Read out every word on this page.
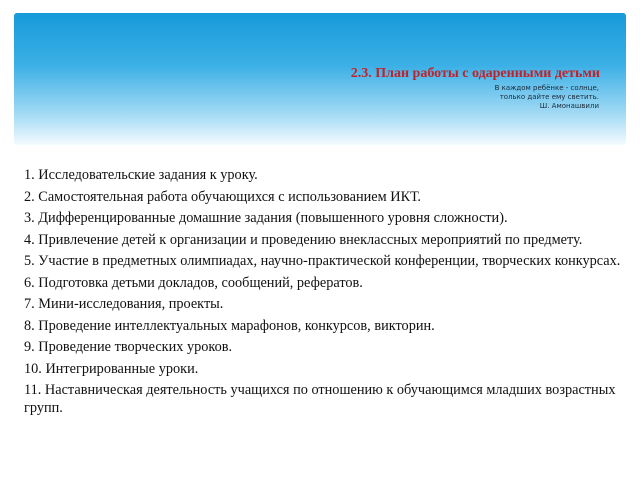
2.3. План работы с одаренными детьми
В каждом ребёнке - солнце,
только дайте ему светить.
Ш. Амонашвили
1. Исследовательские задания к уроку.
2. Самостоятельная работа обучающихся с использованием ИКТ.
3. Дифференцированные домашние задания (повышенного уровня сложности).
4. Привлечение детей к организации и проведению внеклассных мероприятий по предмету.
5. Участие в предметных олимпиадах, научно-практической конференции, творческих конкурсах.
6. Подготовка детьми докладов, сообщений, рефератов.
7. Мини-исследования, проекты.
8. Проведение интеллектуальных марафонов, конкурсов, викторин.
9. Проведение творческих уроков.
10. Интегрированные уроки.
11. Наставническая деятельность учащихся по отношению к обучающимся младших возрастных групп.
